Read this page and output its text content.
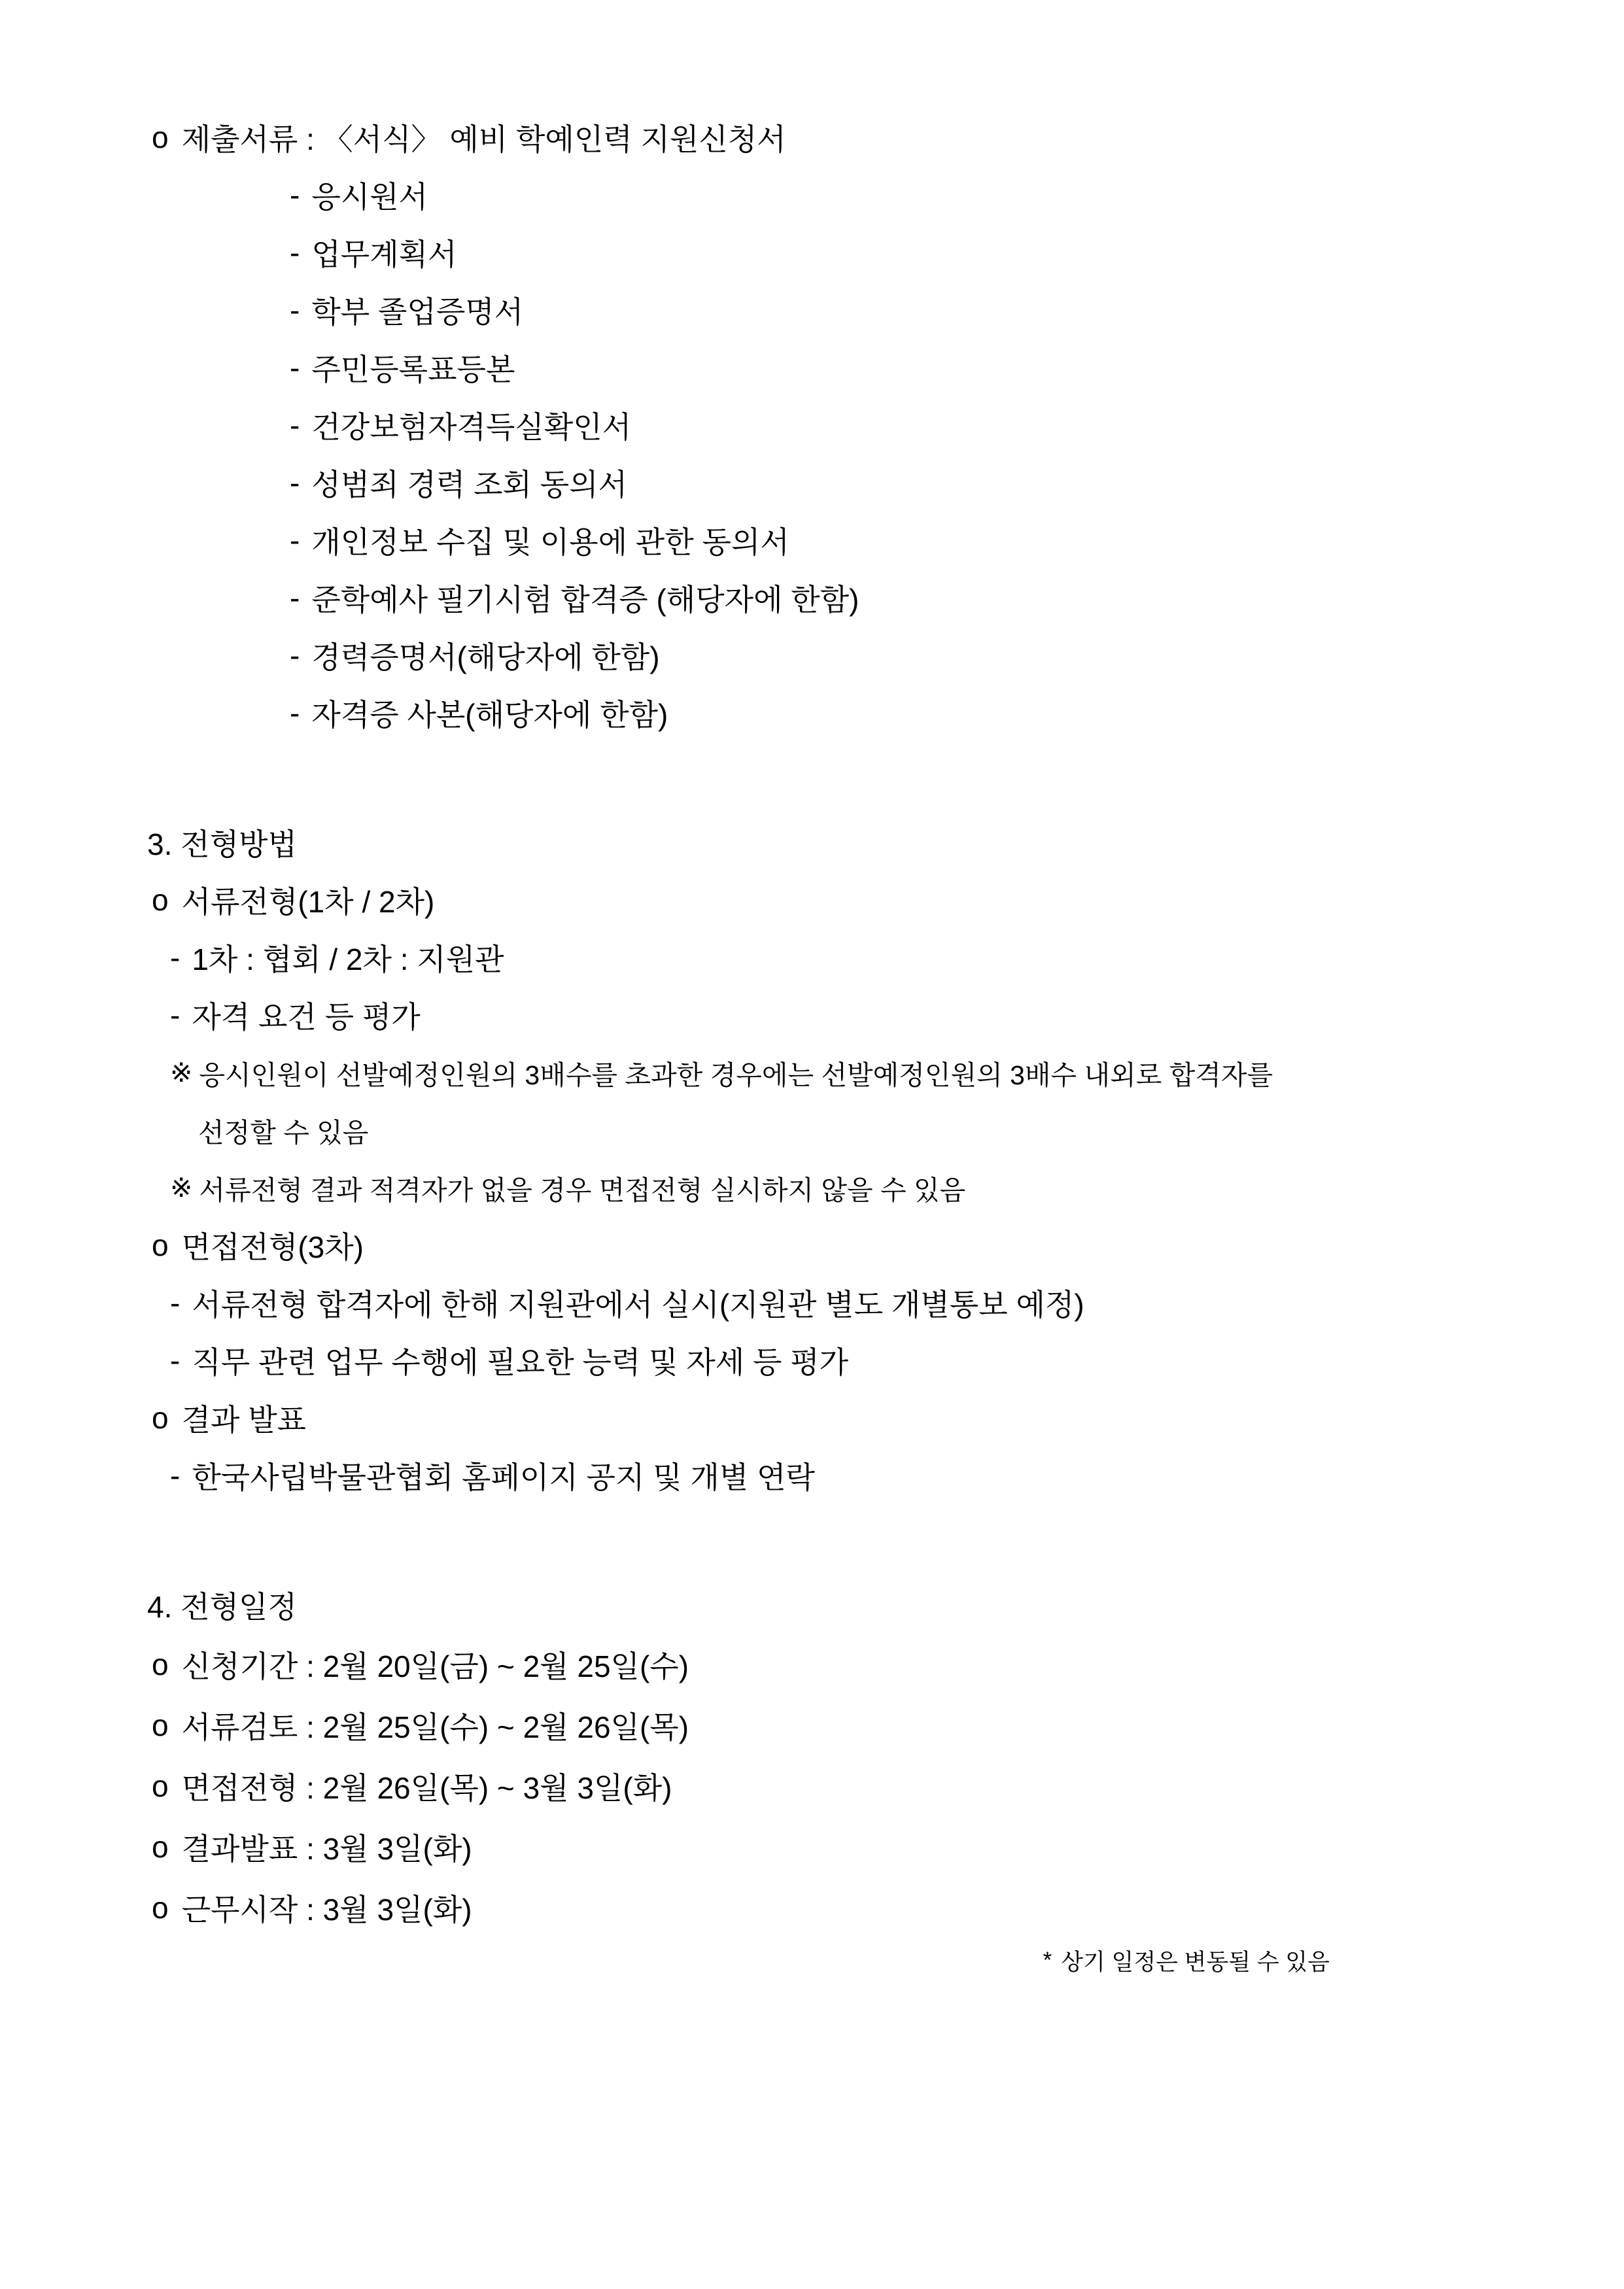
o 제출서류 : 〈서식〉 예비 학예인력 지원신청서
- 응시원서
- 업무계획서
- 학부 졸업증명서
- 주민등록표등본
- 건강보험자격득실확인서
- 성범죄 경력 조회 동의서
- 개인정보 수집 및 이용에 관한 동의서
- 준학예사 필기시험 합격증 (해당자에 한함)
- 경력증명서(해당자에 한함)
- 자격증 사본(해당자에 한함)
3. 전형방법
o 서류전형(1차 / 2차)
- 1차 : 협회 / 2차 : 지원관
- 자격 요건 등 평가
※ 응시인원이 선발예정인원의 3배수를 초과한 경우에는 선발예정인원의 3배수 내외로 합격자를
선정할 수 있음
※ 서류전형 결과 적격자가 없을 경우 면접전형 실시하지 않을 수 있음
o 면접전형(3차)
- 서류전형 합격자에 한해 지원관에서 실시(지원관 별도 개별통보 예정)
- 직무 관련 업무 수행에 필요한 능력 및 자세 등 평가
o 결과 발표
- 한국사립박물관협회 홈페이지 공지 및 개별 연락
4. 전형일정
o 신청기간 : 2월 20일(금) ~ 2월 25일(수)
o 서류검토 : 2월 25일(수) ~ 2월 26일(목)
o 면접전형 : 2월 26일(목) ~ 3월 3일(화)
o 결과발표 : 3월 3일(화)
o 근무시작 : 3월 3일(화)
* 상기 일정은 변동될 수 있음
